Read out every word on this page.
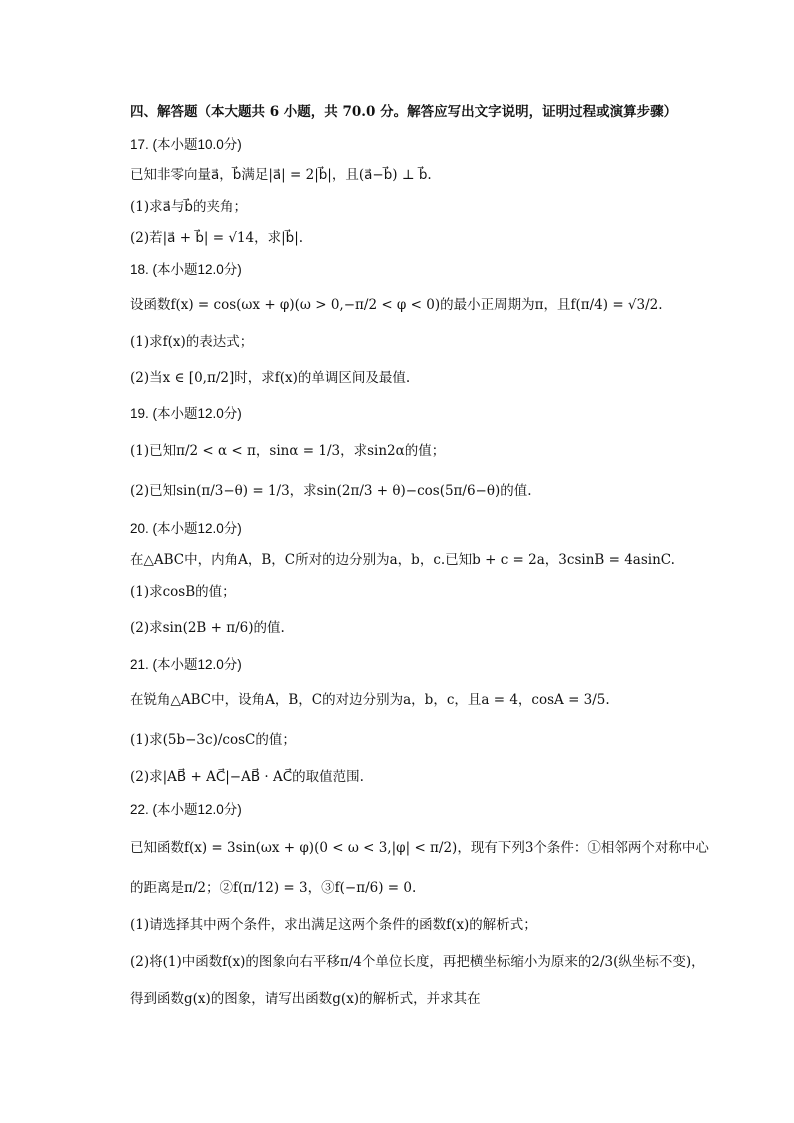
四、解答题（本大题共 6 小题，共 70.0 分。解答应写出文字说明，证明过程或演算步骤）
17. (本小题10.0分)
已知非零向量a⃗，b⃗满足|a⃗| = 2|b⃗|，且(a⃗−b⃗) ⊥ b⃗.
(1)求a⃗与b⃗的夹角；
(2)若|a⃗ + b⃗| = √14，求|b⃗|.
18. (本小题12.0分)
设函数f(x) = cos(ωx + φ)(ω > 0,−π/2 < φ < 0)的最小正周期为π，且f(π/4) = √3/2.
(1)求f(x)的表达式；
(2)当x ∈ [0,π/2]时，求f(x)的单调区间及最值.
19. (本小题12.0分)
(1)已知π/2 < α < π，sinα = 1/3，求sin2α的值；
(2)已知sin(π/3−θ) = 1/3，求sin(2π/3 + θ)−cos(5π/6−θ)的值.
20. (本小题12.0分)
在△ABC中，内角A，B，C所对的边分别为a，b，c.已知b + c = 2a，3csinB = 4asinC.
(1)求cosB的值；
(2)求sin(2B + π/6)的值.
21. (本小题12.0分)
在锐角△ABC中，设角A，B，C的对边分别为a，b，c，且a = 4，cosA = 3/5.
(1)求(5b−3c)/cosC的值；
(2)求|AB⃗ + AC⃗|−AB⃗ · AC⃗的取值范围.
22. (本小题12.0分)
已知函数f(x) = 3sin(ωx + φ)(0 < ω < 3,|φ| < π/2)，现有下列3个条件：①相邻两个对称中心
的距离是π/2；②f(π/12) = 3，③f(−π/6) = 0.
(1)请选择其中两个条件，求出满足这两个条件的函数f(x)的解析式；
(2)将(1)中函数f(x)的图象向右平移π/4个单位长度，再把横坐标缩小为原来的2/3(纵坐标不变)，
得到函数g(x)的图象，请写出函数g(x)的解析式，并求其在
